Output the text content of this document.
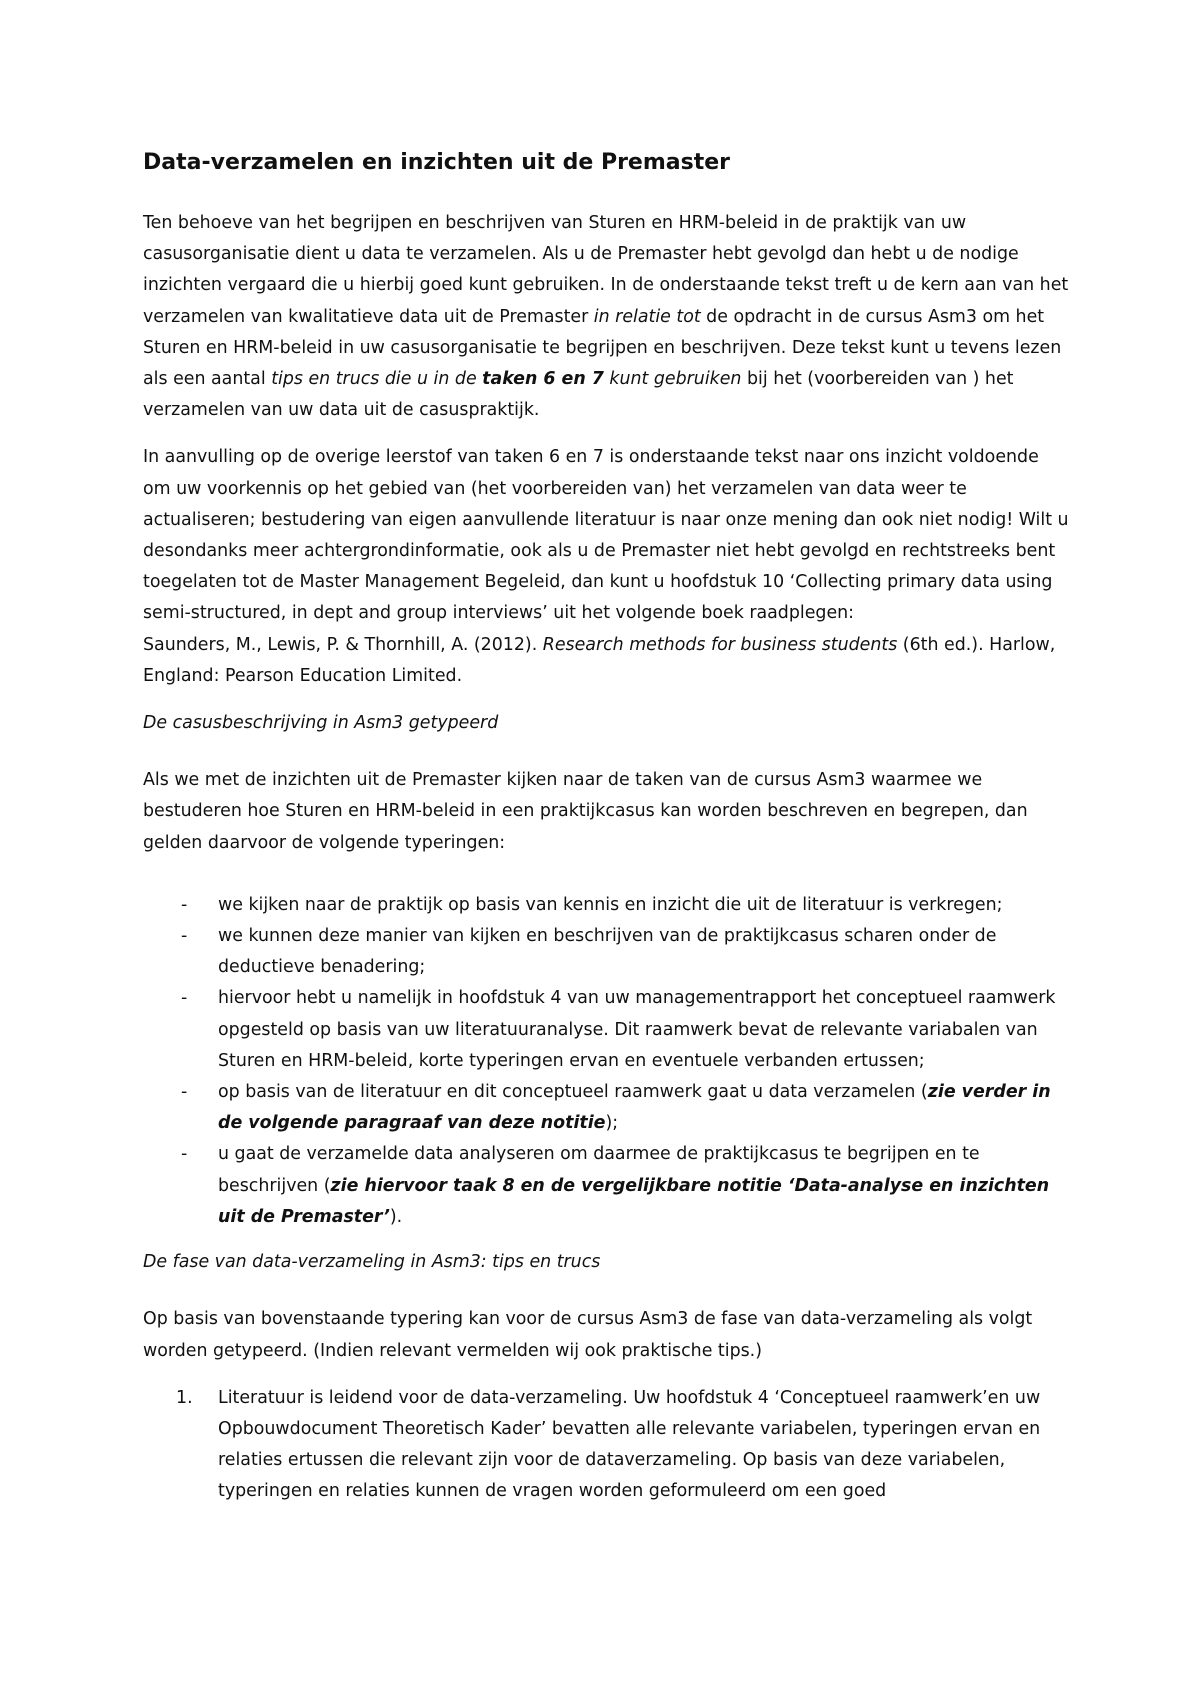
Data-verzamelen en inzichten uit de Premaster

Ten behoeve van het begrijpen en beschrijven van Sturen en HRM-beleid in de praktijk van uw casusorganisatie dient u data te verzamelen. Als u de Premaster hebt gevolgd dan hebt u de nodige inzichten vergaard die u hierbij goed kunt gebruiken. In de onderstaande tekst treft u de kern aan van het verzamelen van kwalitatieve data uit de Premaster in relatie tot de opdracht in de cursus Asm3 om het Sturen en HRM-beleid in uw casusorganisatie te begrijpen en beschrijven. Deze tekst kunt u tevens lezen als een aantal tips en trucs die u in de taken 6 en 7 kunt gebruiken bij het (voorbereiden van ) het verzamelen van uw data uit de casuspraktijk.

In aanvulling op de overige leerstof van taken 6 en 7 is onderstaande tekst naar ons inzicht voldoende om uw voorkennis op het gebied van (het voorbereiden van) het verzamelen van data weer te actualiseren; bestudering van eigen aanvullende literatuur is naar onze mening dan ook niet nodig! Wilt u desondanks meer achtergrondinformatie, ook als u de Premaster niet hebt gevolgd en rechtstreeks bent toegelaten tot de Master Management Begeleid, dan kunt u hoofdstuk 10 ‘Collecting primary data using semi-structured, in dept and group interviews’ uit het volgende boek raadplegen:

Saunders, M., Lewis, P. & Thornhill, A. (2012). Research methods for business students (6th ed.). Harlow, England: Pearson Education Limited.

De casusbeschrijving in Asm3 getypeerd

Als we met de inzichten uit de Premaster kijken naar de taken van de cursus Asm3 waarmee we bestuderen hoe Sturen en HRM-beleid in een praktijkcasus kan worden beschreven en begrepen, dan gelden daarvoor de volgende typeringen:

- we kijken naar de praktijk op basis van kennis en inzicht die uit de literatuur is verkregen;
- we kunnen deze manier van kijken en beschrijven van de praktijkcasus scharen onder de deductieve benadering;
- hiervoor hebt u namelijk in hoofdstuk 4 van uw managementrapport het conceptueel raamwerk opgesteld op basis van uw literatuuranalyse. Dit raamwerk bevat de relevante variabalen van Sturen en HRM-beleid, korte typeringen ervan en eventuele verbanden ertussen;
- op basis van de literatuur en dit conceptueel raamwerk gaat u data verzamelen (zie verder in de volgende paragraaf van deze notitie);
- u gaat de verzamelde data analyseren om daarmee de praktijkcasus te begrijpen en te beschrijven (zie hiervoor taak 8 en de vergelijkbare notitie ‘Data-analyse en inzichten uit de Premaster’).

De fase van data-verzameling in Asm3: tips en trucs

Op basis van bovenstaande typering kan voor de cursus Asm3 de fase van data-verzameling als volgt worden getypeerd. (Indien relevant vermelden wij ook praktische tips.)

1. Literatuur is leidend voor de data-verzameling. Uw hoofdstuk 4 ‘Conceptueel raamwerk’en uw Opbouwdocument Theoretisch Kader’ bevatten alle relevante variabelen, typeringen ervan en relaties ertussen die relevant zijn voor de dataverzameling. Op basis van deze variabelen, typeringen en relaties kunnen de vragen worden geformuleerd om een goed
